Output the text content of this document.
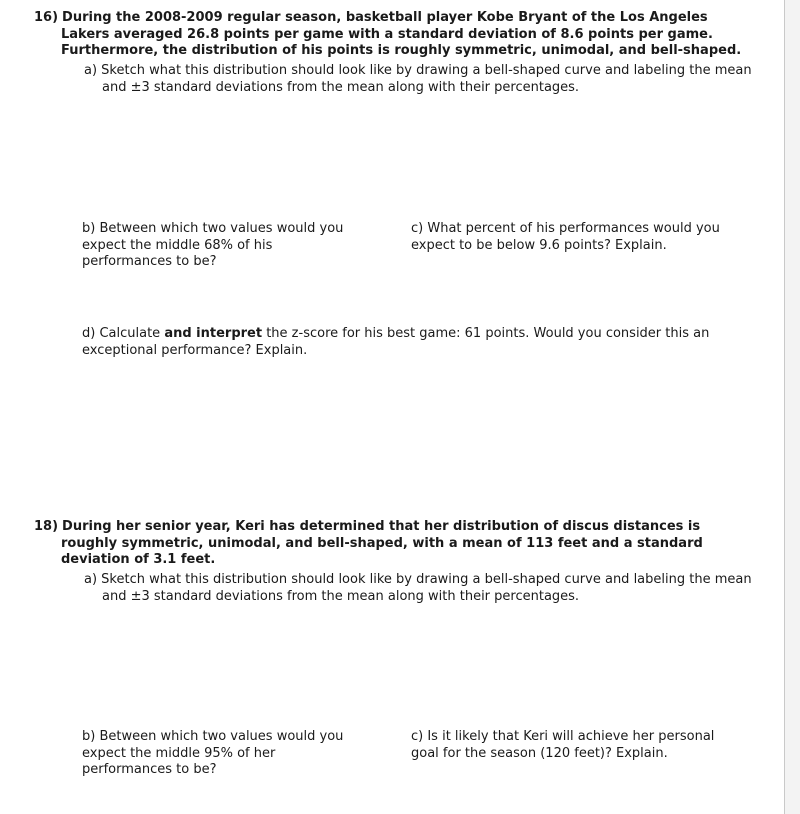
16) During the 2008-2009 regular season, basketball player Kobe Bryant of the Los Angeles Lakers averaged 26.8 points per game with a standard deviation of 8.6 points per game. Furthermore, the distribution of his points is roughly symmetric, unimodal, and bell-shaped.
a) Sketch what this distribution should look like by drawing a bell-shaped curve and labeling the mean and ±3 standard deviations from the mean along with their percentages.
b) Between which two values would you expect the middle 68% of his performances to be?
c) What percent of his performances would you expect to be below 9.6 points? Explain.
d) Calculate and interpret the z-score for his best game: 61 points. Would you consider this an exceptional performance? Explain.
18) During her senior year, Keri has determined that her distribution of discus distances is roughly symmetric, unimodal, and bell-shaped, with a mean of 113 feet and a standard deviation of 3.1 feet.
a) Sketch what this distribution should look like by drawing a bell-shaped curve and labeling the mean and ±3 standard deviations from the mean along with their percentages.
b) Between which two values would you expect the middle 95% of her performances to be?
c) Is it likely that Keri will achieve her personal goal for the season (120 feet)? Explain.
